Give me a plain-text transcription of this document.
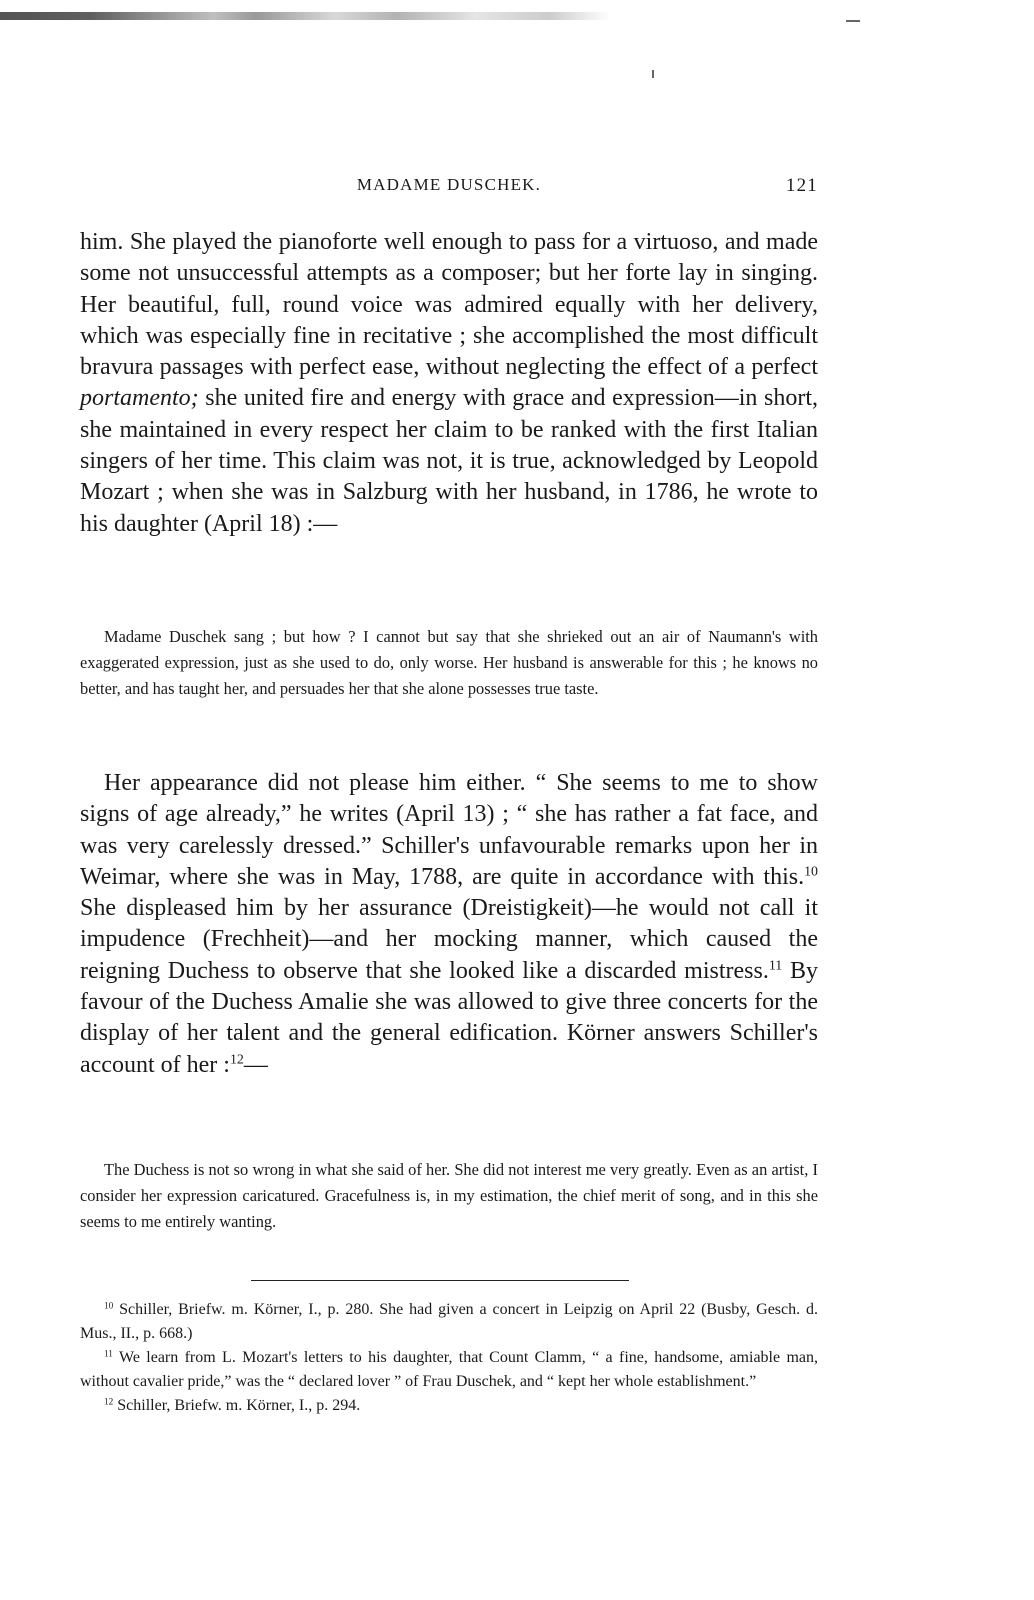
MADAME DUSCHEK.	121

him. She played the pianoforte well enough to pass for a virtuoso, and made some not unsuccessful attempts as a composer; but her forte lay in singing. Her beautiful, full, round voice was admired equally with her delivery, which was especially fine in recitative ; she accomplished the most difficult bravura passages with perfect ease, without neglecting the effect of a perfect portamento; she united fire and energy with grace and expression—in short, she maintained in every respect her claim to be ranked with the first Italian singers of her time. This claim was not, it is true, acknowledged by Leopold Mozart ; when she was in Salzburg with her husband, in 1786, he wrote to his daughter (April 18) :—

Madame Duschek sang ; but how ? I cannot but say that she shrieked out an air of Naumann's with exaggerated expression, just as she used to do, only worse. Her husband is answerable for this ; he knows no better, and has taught her, and persuades her that she alone possesses true taste.

Her appearance did not please him either. “ She seems to me to show signs of age already,” he writes (April 13) ; “ she has rather a fat face, and was very carelessly dressed.” Schiller's unfavourable remarks upon her in Weimar, where she was in May, 1788, are quite in accordance with this.$^{10}$ She displeased him by her assurance (Dreistigkeit)—he would not call it impudence (Frechheit)—and her mocking manner, which caused the reigning Duchess to observe that she looked like a discarded mistress.$^{11}$ By favour of the Duchess Amalie she was allowed to give three concerts for the display of her talent and the general edification. Körner answers Schiller's account of her :$^{12}$—

The Duchess is not so wrong in what she said of her. She did not interest me very greatly. Even as an artist, I consider her expression caricatured. Gracefulness is, in my estimation, the chief merit of song, and in this she seems to me entirely wanting.

$^{10}$ Schiller, Briefw. m. Körner, I., p. 280. She had given a concert in Leipzig on April 22 (Busby, Gesch. d. Mus., II., p. 668.)

$^{11}$ We learn from L. Mozart's letters to his daughter, that Count Clamm, “ a fine, handsome, amiable man, without cavalier pride,” was the “ declared lover ” of Frau Duschek, and “ kept her whole establishment.”

$^{12}$ Schiller, Briefw. m. Körner, I., p. 294.
